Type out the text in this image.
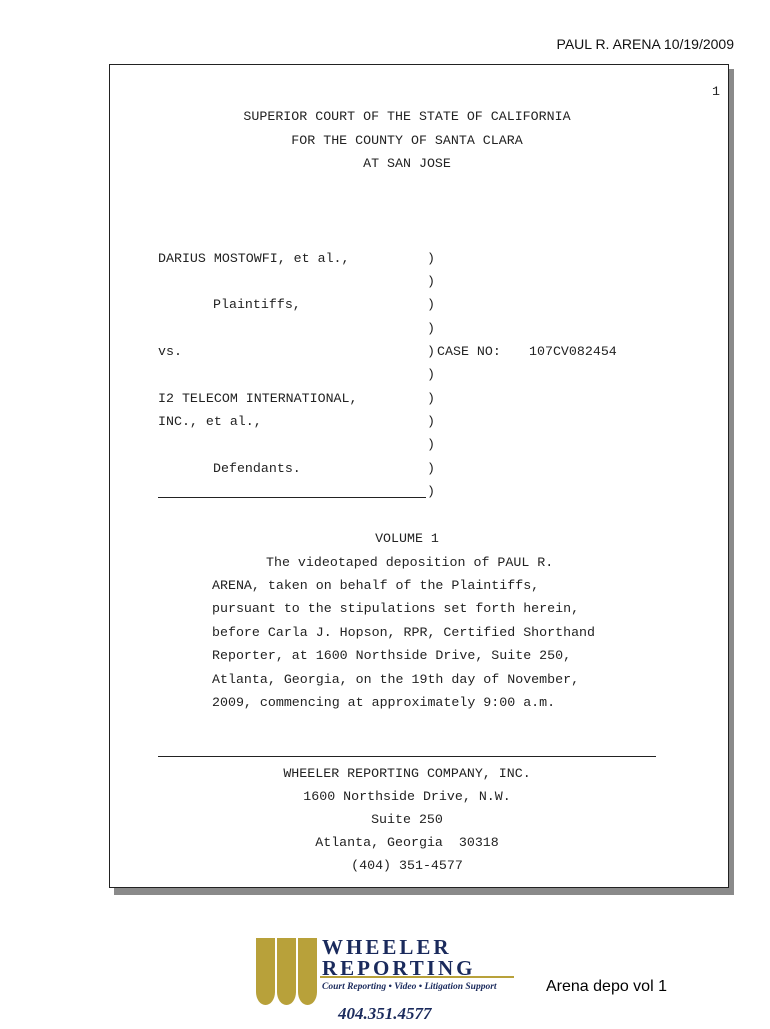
PAUL R. ARENA 10/19/2009
1
SUPERIOR COURT OF THE STATE OF CALIFORNIA
FOR THE COUNTY OF SANTA CLARA
AT SAN JOSE
DARIUS MOSTOWFI, et al.,
Plaintiffs,
vs.
I2 TELECOM INTERNATIONAL,
INC., et al.,
Defendants.
)
)
)
)
)
)
)
)
)
)
)
CASE NO: 107CV082454
VOLUME 1
The videotaped deposition of PAUL R.
ARENA, taken on behalf of the Plaintiffs,
pursuant to the stipulations set forth herein,
before Carla J. Hopson, RPR, Certified Shorthand
Reporter, at 1600 Northside Drive, Suite 250,
Atlanta, Georgia, on the 19th day of November,
2009, commencing at approximately 9:00 a.m.
WHEELER REPORTING COMPANY, INC.
1600 Northside Drive, N.W.
Suite 250
Atlanta, Georgia  30318
(404) 351-4577
WHEELER
REPORTING
Court Reporting • Video • Litigation Support
404.351.4577
Arena depo vol 1
